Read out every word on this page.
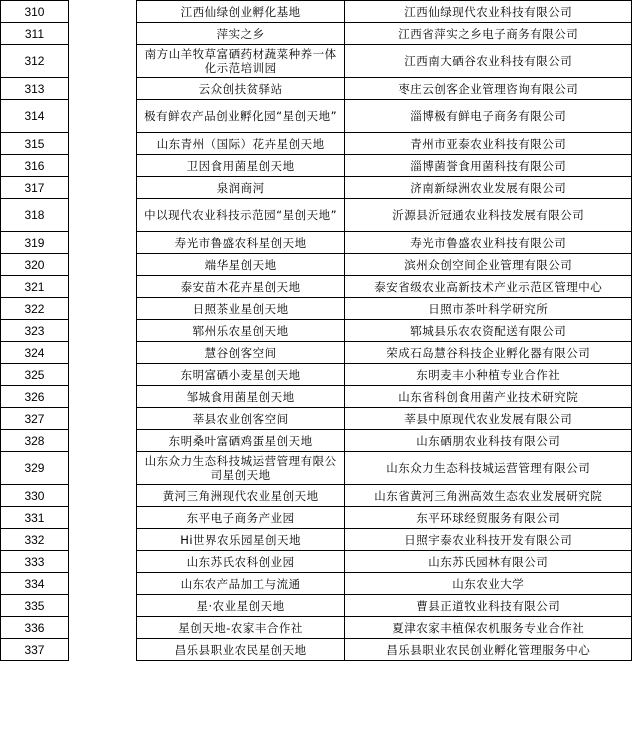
310		江西仙绿创业孵化基地	江西仙绿现代农业科技有限公司
311		萍实之乡	江西省萍实之乡电子商务有限公司
312		南方山羊牧草富硒药材蔬菜种养一体化示范培训园	江西南大硒谷农业科技有限公司
313		云众创扶贫驿站	枣庄云创客企业管理咨询有限公司
314		极有鲜农产品创业孵化园“星创天地”	淄博极有鲜电子商务有限公司
315		山东青州（国际）花卉星创天地	青州市亚泰农业科技有限公司
316		卫因食用菌星创天地	淄博菌誉食用菌科技有限公司
317		泉润商河	济南新绿洲农业发展有限公司
318		中以现代农业科技示范园“星创天地”	沂源县沂冠通农业科技发展有限公司
319		寿光市鲁盛农科星创天地	寿光市鲁盛农业科技有限公司
320		端华星创天地	滨州众创空间企业管理有限公司
321		泰安苗木花卉星创天地	泰安省级农业高新技术产业示范区管理中心
322		日照茶业星创天地	日照市茶叶科学研究所
323		郓州乐农星创天地	郓城县乐农农资配送有限公司
324		慧谷创客空间	荣成石岛慧谷科技企业孵化器有限公司
325		东明富硒小麦星创天地	东明麦丰小种植专业合作社
326		邹城食用菌星创天地	山东省科创食用菌产业技术研究院
327		莘县农业创客空间	莘县中原现代农业发展有限公司
328		东明桑叶富硒鸡蛋星创天地	山东硒朋农业科技有限公司
329		山东众力生态科技城运营管理有限公司星创天地	山东众力生态科技城运营管理有限公司
330		黄河三角洲现代农业星创天地	山东省黄河三角洲高效生态农业发展研究院
331		东平电子商务产业园	东平环球经贸服务有限公司
332		Hi世界农乐园星创天地	日照宇泰农业科技开发有限公司
333		山东苏氏农科创业园	山东苏氏园林有限公司
334		山东农产品加工与流通	山东农业大学
335		星·农业星创天地	曹县正道牧业科技有限公司
336		星创天地-农家丰合作社	夏津农家丰植保农机服务专业合作社
337		昌乐县职业农民星创天地	昌乐县职业农民创业孵化管理服务中心
